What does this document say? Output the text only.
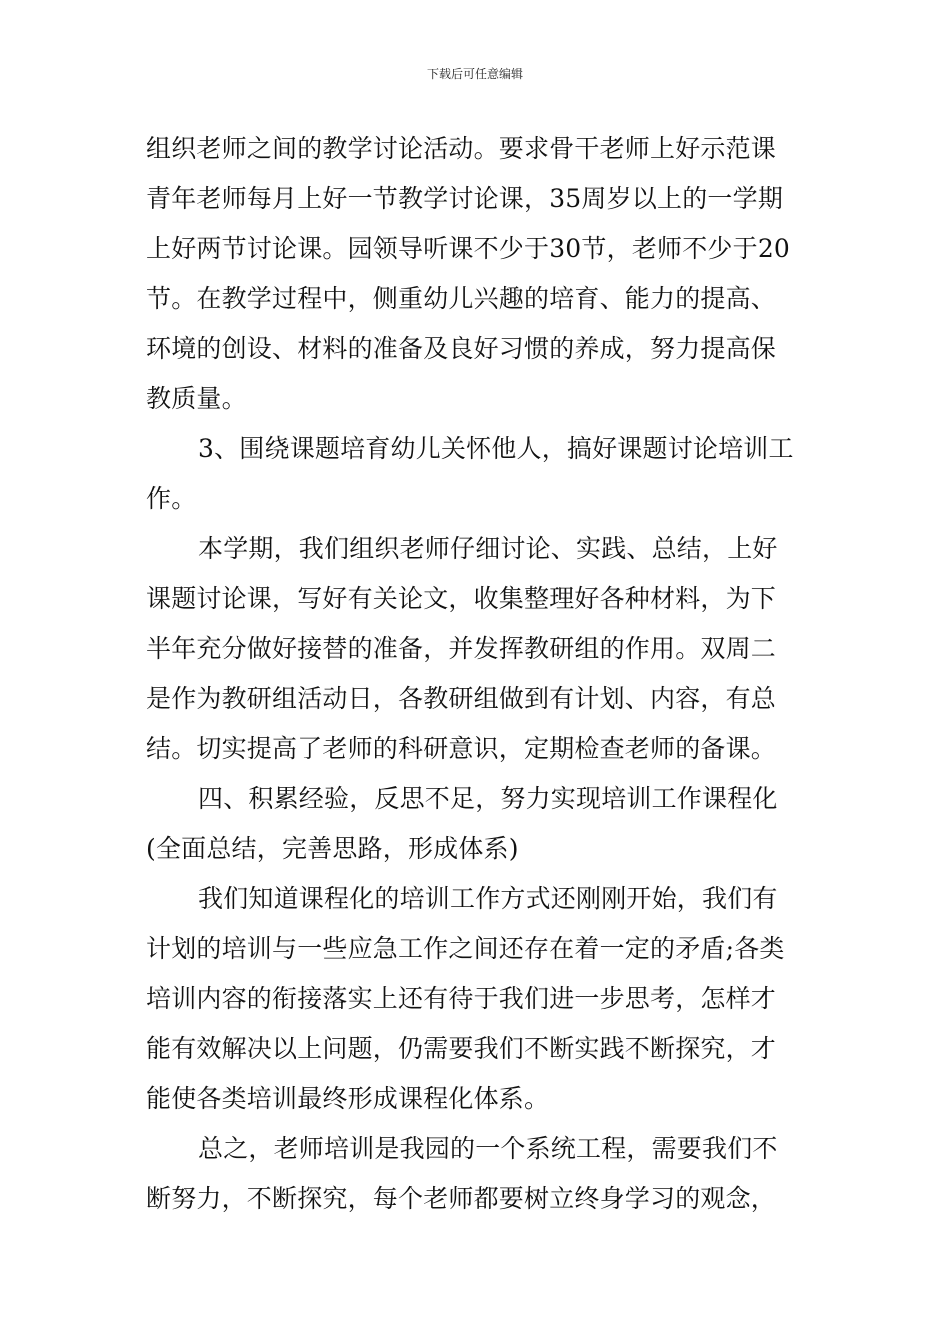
下载后可任意编辑
组织老师之间的教学讨论活动。要求骨干老师上好示范课
青年老师每月上好一节教学讨论课，35周岁以上的一学期
上好两节讨论课。园领导听课不少于30节，老师不少于20
节。在教学过程中，侧重幼儿兴趣的培育、能力的提高、
环境的创设、材料的准备及良好习惯的养成，努力提高保
教质量。
3、围绕课题培育幼儿关怀他人，搞好课题讨论培训工
作。
本学期，我们组织老师仔细讨论、实践、总结，上好
课题讨论课，写好有关论文，收集整理好各种材料，为下
半年充分做好接替的准备，并发挥教研组的作用。双周二
是作为教研组活动日，各教研组做到有计划、内容，有总
结。切实提高了老师的科研意识，定期检查老师的备课。
四、积累经验，反思不足，努力实现培训工作课程化
(全面总结，完善思路，形成体系)
我们知道课程化的培训工作方式还刚刚开始，我们有
计划的培训与一些应急工作之间还存在着一定的矛盾;各类
培训内容的衔接落实上还有待于我们进一步思考，怎样才
能有效解决以上问题，仍需要我们不断实践不断探究，才
能使各类培训最终形成课程化体系。
总之，老师培训是我园的一个系统工程，需要我们不
断努力，不断探究，每个老师都要树立终身学习的观念，
